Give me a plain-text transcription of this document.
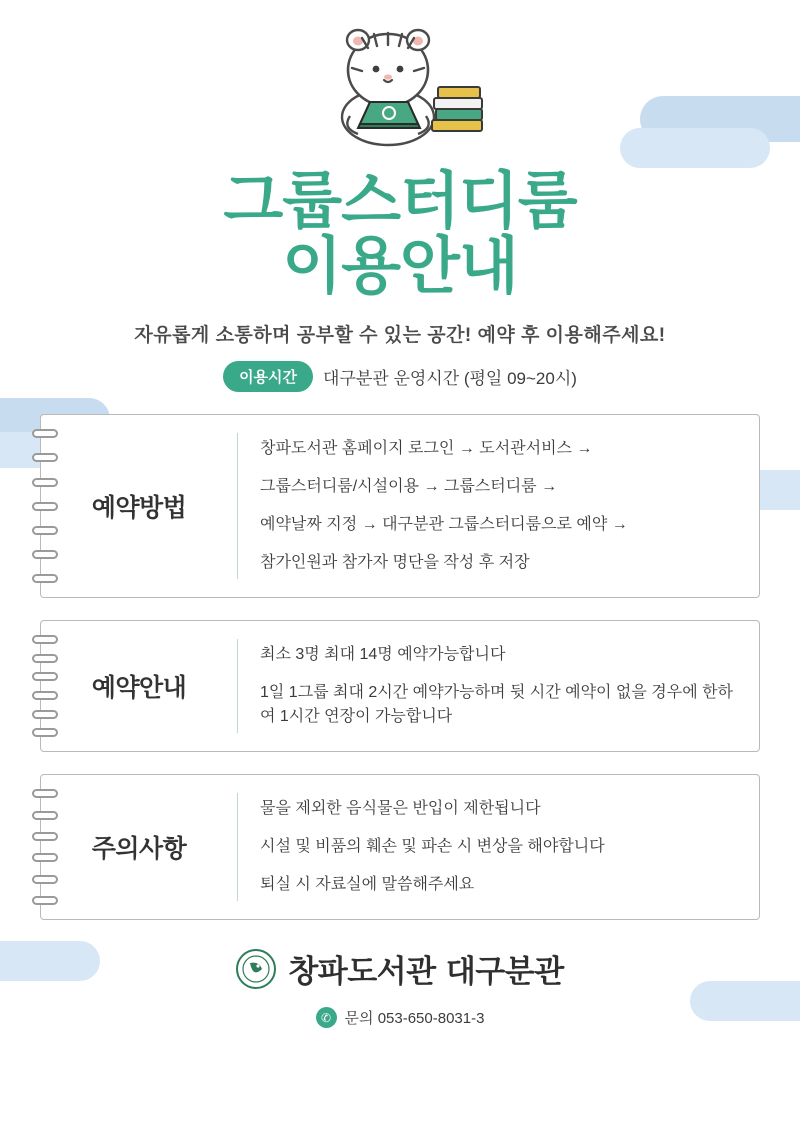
그룹스터디룸
이용안내
자유롭게 소통하며 공부할 수 있는 공간! 예약 후 이용해주세요!
이용시간	대구분관 운영시간 (평일 09~20시)
예약방법
창파도서관 홈페이지 로그인 → 도서관서비스 →
그룹스터디룸/시설이용 → 그룹스터디룸 →
예약날짜 지정 → 대구분관 그룹스터디룸으로 예약 →
참가인원과 참가자 명단을 작성 후 저장
예약안내
최소 3명 최대 14명 예약가능합니다
1일 1그룹 최대 2시간 예약가능하며 뒷 시간 예약이 없을 경우에 한하여 1시간 연장이 가능합니다
주의사항
물을 제외한 음식물은 반입이 제한됩니다
시설 및 비품의 훼손 및 파손 시 변상을 해야합니다
퇴실 시 자료실에 말씀해주세요
창파도서관 대구분관
✆ 문의 053-650-8031-3
